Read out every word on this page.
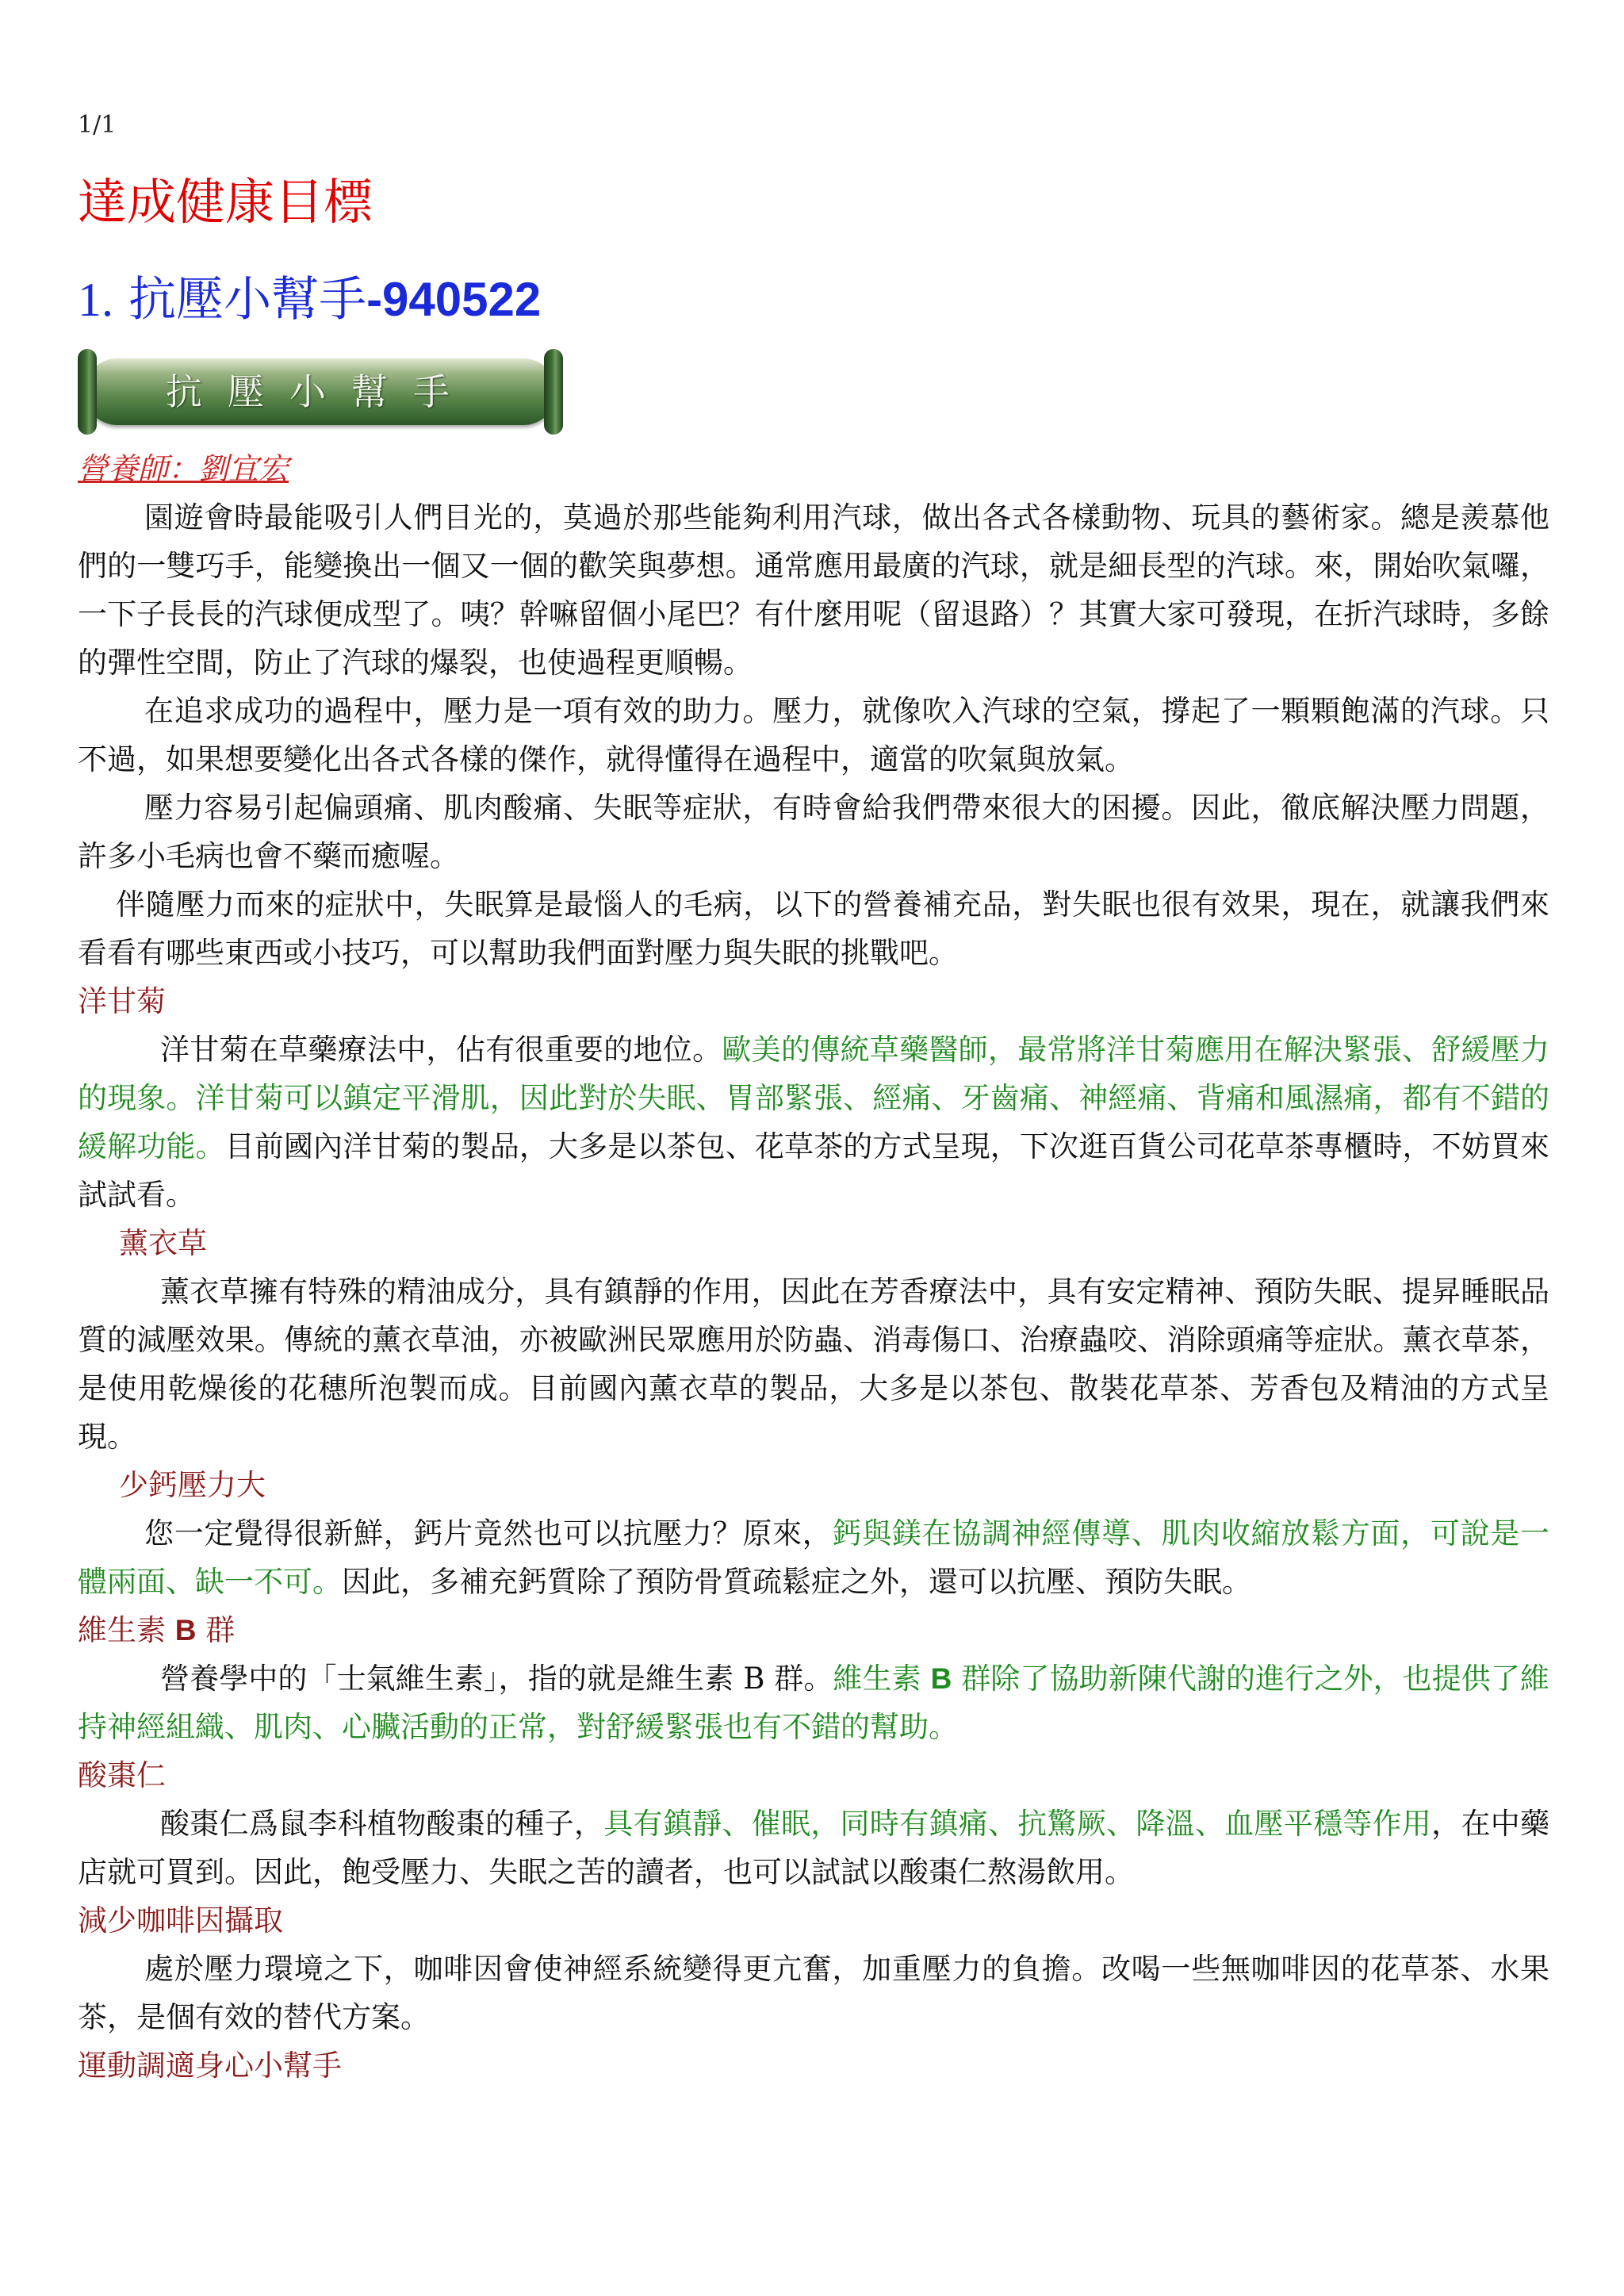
1/1
達成健康目標
1. 抗壓小幫手-940522
抗壓小幫手
營養師：劉宜宏

園遊會時最能吸引人們目光的，莫過於那些能夠利用汽球，做出各式各樣動物、玩具的藝術家。總是羨慕他們的一雙巧手，能變換出一個又一個的歡笑與夢想。通常應用最廣的汽球，就是細長型的汽球。來，開始吹氣囉，一下子長長的汽球便成型了。咦？幹嘛留個小尾巴？有什麼用呢（留退路）？其實大家可發現，在折汽球時，多餘的彈性空間，防止了汽球的爆裂，也使過程更順暢。

在追求成功的過程中，壓力是一項有效的助力。壓力，就像吹入汽球的空氣，撐起了一顆顆飽滿的汽球。只不過，如果想要變化出各式各樣的傑作，就得懂得在過程中，適當的吹氣與放氣。

壓力容易引起偏頭痛、肌肉酸痛、失眠等症狀，有時會給我們帶來很大的困擾。因此，徹底解決壓力問題，許多小毛病也會不藥而癒喔。

伴隨壓力而來的症狀中，失眠算是最惱人的毛病，以下的營養補充品，對失眠也很有效果，現在，就讓我們來看看有哪些東西或小技巧，可以幫助我們面對壓力與失眠的挑戰吧。

洋甘菊

洋甘菊在草藥療法中，佔有很重要的地位。歐美的傳統草藥醫師，最常將洋甘菊應用在解決緊張、舒緩壓力的現象。洋甘菊可以鎮定平滑肌，因此對於失眠、胃部緊張、經痛、牙齒痛、神經痛、背痛和風濕痛，都有不錯的緩解功能。目前國內洋甘菊的製品，大多是以茶包、花草茶的方式呈現，下次逛百貨公司花草茶專櫃時，不妨買來試試看。

薰衣草

薰衣草擁有特殊的精油成分，具有鎮靜的作用，因此在芳香療法中，具有安定精神、預防失眠、提昇睡眠品質的減壓效果。傳統的薰衣草油，亦被歐洲民眾應用於防蟲、消毒傷口、治療蟲咬、消除頭痛等症狀。薰衣草茶，是使用乾燥後的花穗所泡製而成。目前國內薰衣草的製品，大多是以茶包、散裝花草茶、芳香包及精油的方式呈現。

少鈣壓力大

您一定覺得很新鮮，鈣片竟然也可以抗壓力？原來，鈣與鎂在協調神經傳導、肌肉收縮放鬆方面，可說是一體兩面、缺一不可。因此，多補充鈣質除了預防骨質疏鬆症之外，還可以抗壓、預防失眠。

維生素 B 群

營養學中的「士氣維生素」，指的就是維生素 B 群。維生素 B 群除了協助新陳代謝的進行之外，也提供了維持神經組織、肌肉、心臟活動的正常，對舒緩緊張也有不錯的幫助。

酸棗仁

酸棗仁爲鼠李科植物酸棗的種子，具有鎮靜、催眠，同時有鎮痛、抗驚厥、降溫、血壓平穩等作用，在中藥店就可買到。因此，飽受壓力、失眠之苦的讀者，也可以試試以酸棗仁熬湯飲用。

減少咖啡因攝取

處於壓力環境之下，咖啡因會使神經系統變得更亢奮，加重壓力的負擔。改喝一些無咖啡因的花草茶、水果茶，是個有效的替代方案。

運動調適身心小幫手
